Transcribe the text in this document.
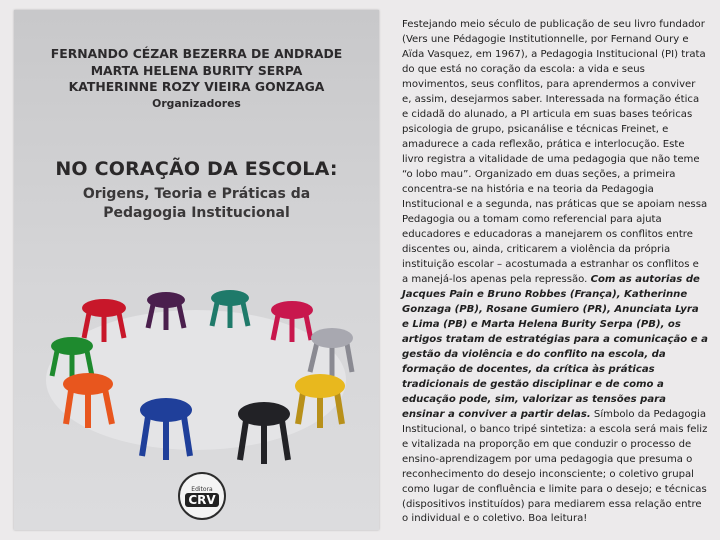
FERNANDO CÉZAR BEZERRA DE ANDRADE
MARTA HELENA BURITY SERPA
KATHERINNE ROZY VIEIRA GONZAGA
Organizadores
NO CORAÇÃO DA ESCOLA:
Origens, Teoria e Práticas da
Pedagogia Institucional
Editora
CRV
Festejando meio século de publicação de seu livro fundador (Vers une Pédagogie Institutionnelle, por Fernand Oury e Aïda Vasquez, em 1967), a Pedagogia Institucional (PI) trata do que está no coração da escola: a vida e seus movimentos, seus conflitos, para aprendermos a conviver e, assim, desejarmos saber. Interessada na formação ética e cidadã do alunado, a PI articula em suas bases teóricas psicologia de grupo, psicanálise e técnicas Freinet, e amadurece a cada reflexão, prática e interlocução. Este livro registra a vitalidade de uma pedagogia que não teme “o lobo mau”. Organizado em duas seções, a primeira concentra-se na história e na teoria da Pedagogia Institucional e a segunda, nas práticas que se apoiam nessa Pedagogia ou a tomam como referencial para ajuta educadores e educadoras a manejarem os conflitos entre discentes ou, ainda, criticarem a violência da própria instituição escolar – acostumada a estranhar os conflitos e a manejá-los apenas pela repressão. Com as autorias de Jacques Pain e Bruno Robbes (França), Katherinne Gonzaga (PB), Rosane Gumiero (PR), Anunciata Lyra e Lima (PB) e Marta Helena Burity Serpa (PB), os artigos tratam de estratégias para a comunicação e a gestão da violência e do conflito na escola, da formação de docentes, da crítica às práticas tradicionais de gestão disciplinar e de como a educação pode, sim, valorizar as tensões para ensinar a conviver a partir delas. Símbolo da Pedagogia Institucional, o banco tripé sintetiza: a escola será mais feliz e vitalizada na proporção em que conduzir o processo de ensino-aprendizagem por uma pedagogia que presuma o reconhecimento do desejo inconsciente; o coletivo grupal como lugar de confluência e limite para o desejo; e técnicas (dispositivos instituídos) para mediarem essa relação entre o individual e o coletivo. Boa leitura!
